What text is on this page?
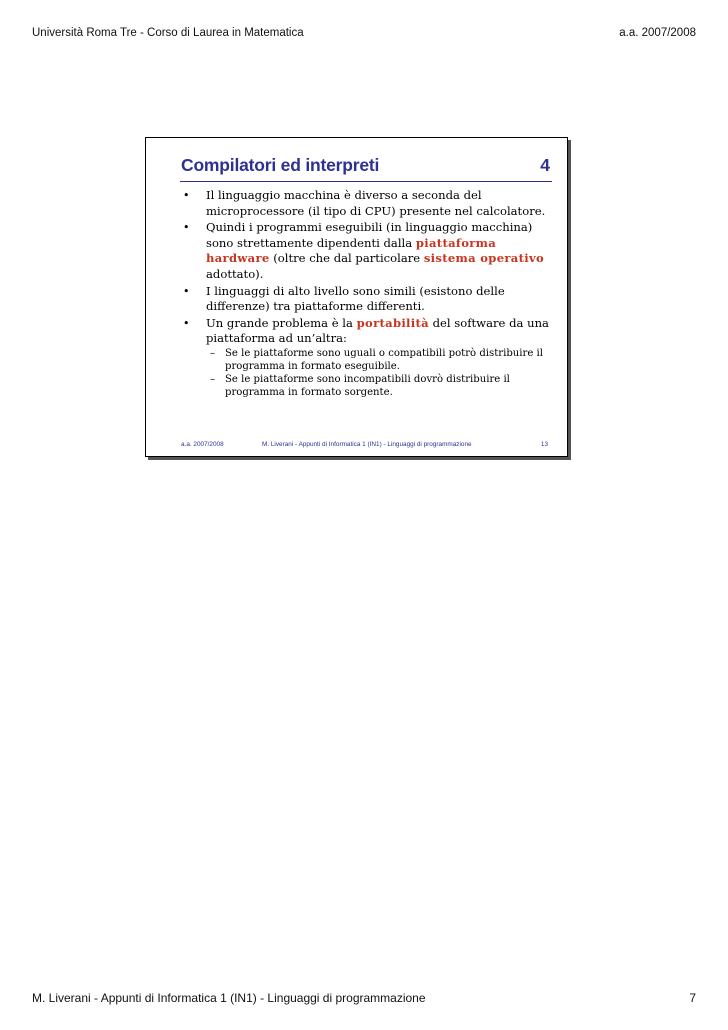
Università Roma Tre - Corso di Laurea in Matematica	a.a. 2007/2008
Compilatori ed interpreti	4
• Il linguaggio macchina è diverso a seconda del microprocessore (il tipo di CPU) presente nel calcolatore.
• Quindi i programmi eseguibili (in linguaggio macchina) sono strettamente dipendenti dalla piattaforma hardware (oltre che dal particolare sistema operativo adottato).
• I linguaggi di alto livello sono simili (esistono delle differenze) tra piattaforme differenti.
• Un grande problema è la portabilità del software da una piattaforma ad un’altra:
– Se le piattaforme sono uguali o compatibili potrò distribuire il programma in formato eseguibile.
– Se le piattaforme sono incompatibili dovrò distribuire il programma in formato sorgente.
a.a. 2007/2008	M. Liverani - Appunti di Informatica 1 (IN1) - Linguaggi di programmazione	13
M. Liverani - Appunti di Informatica 1 (IN1) - Linguaggi di programmazione	7
